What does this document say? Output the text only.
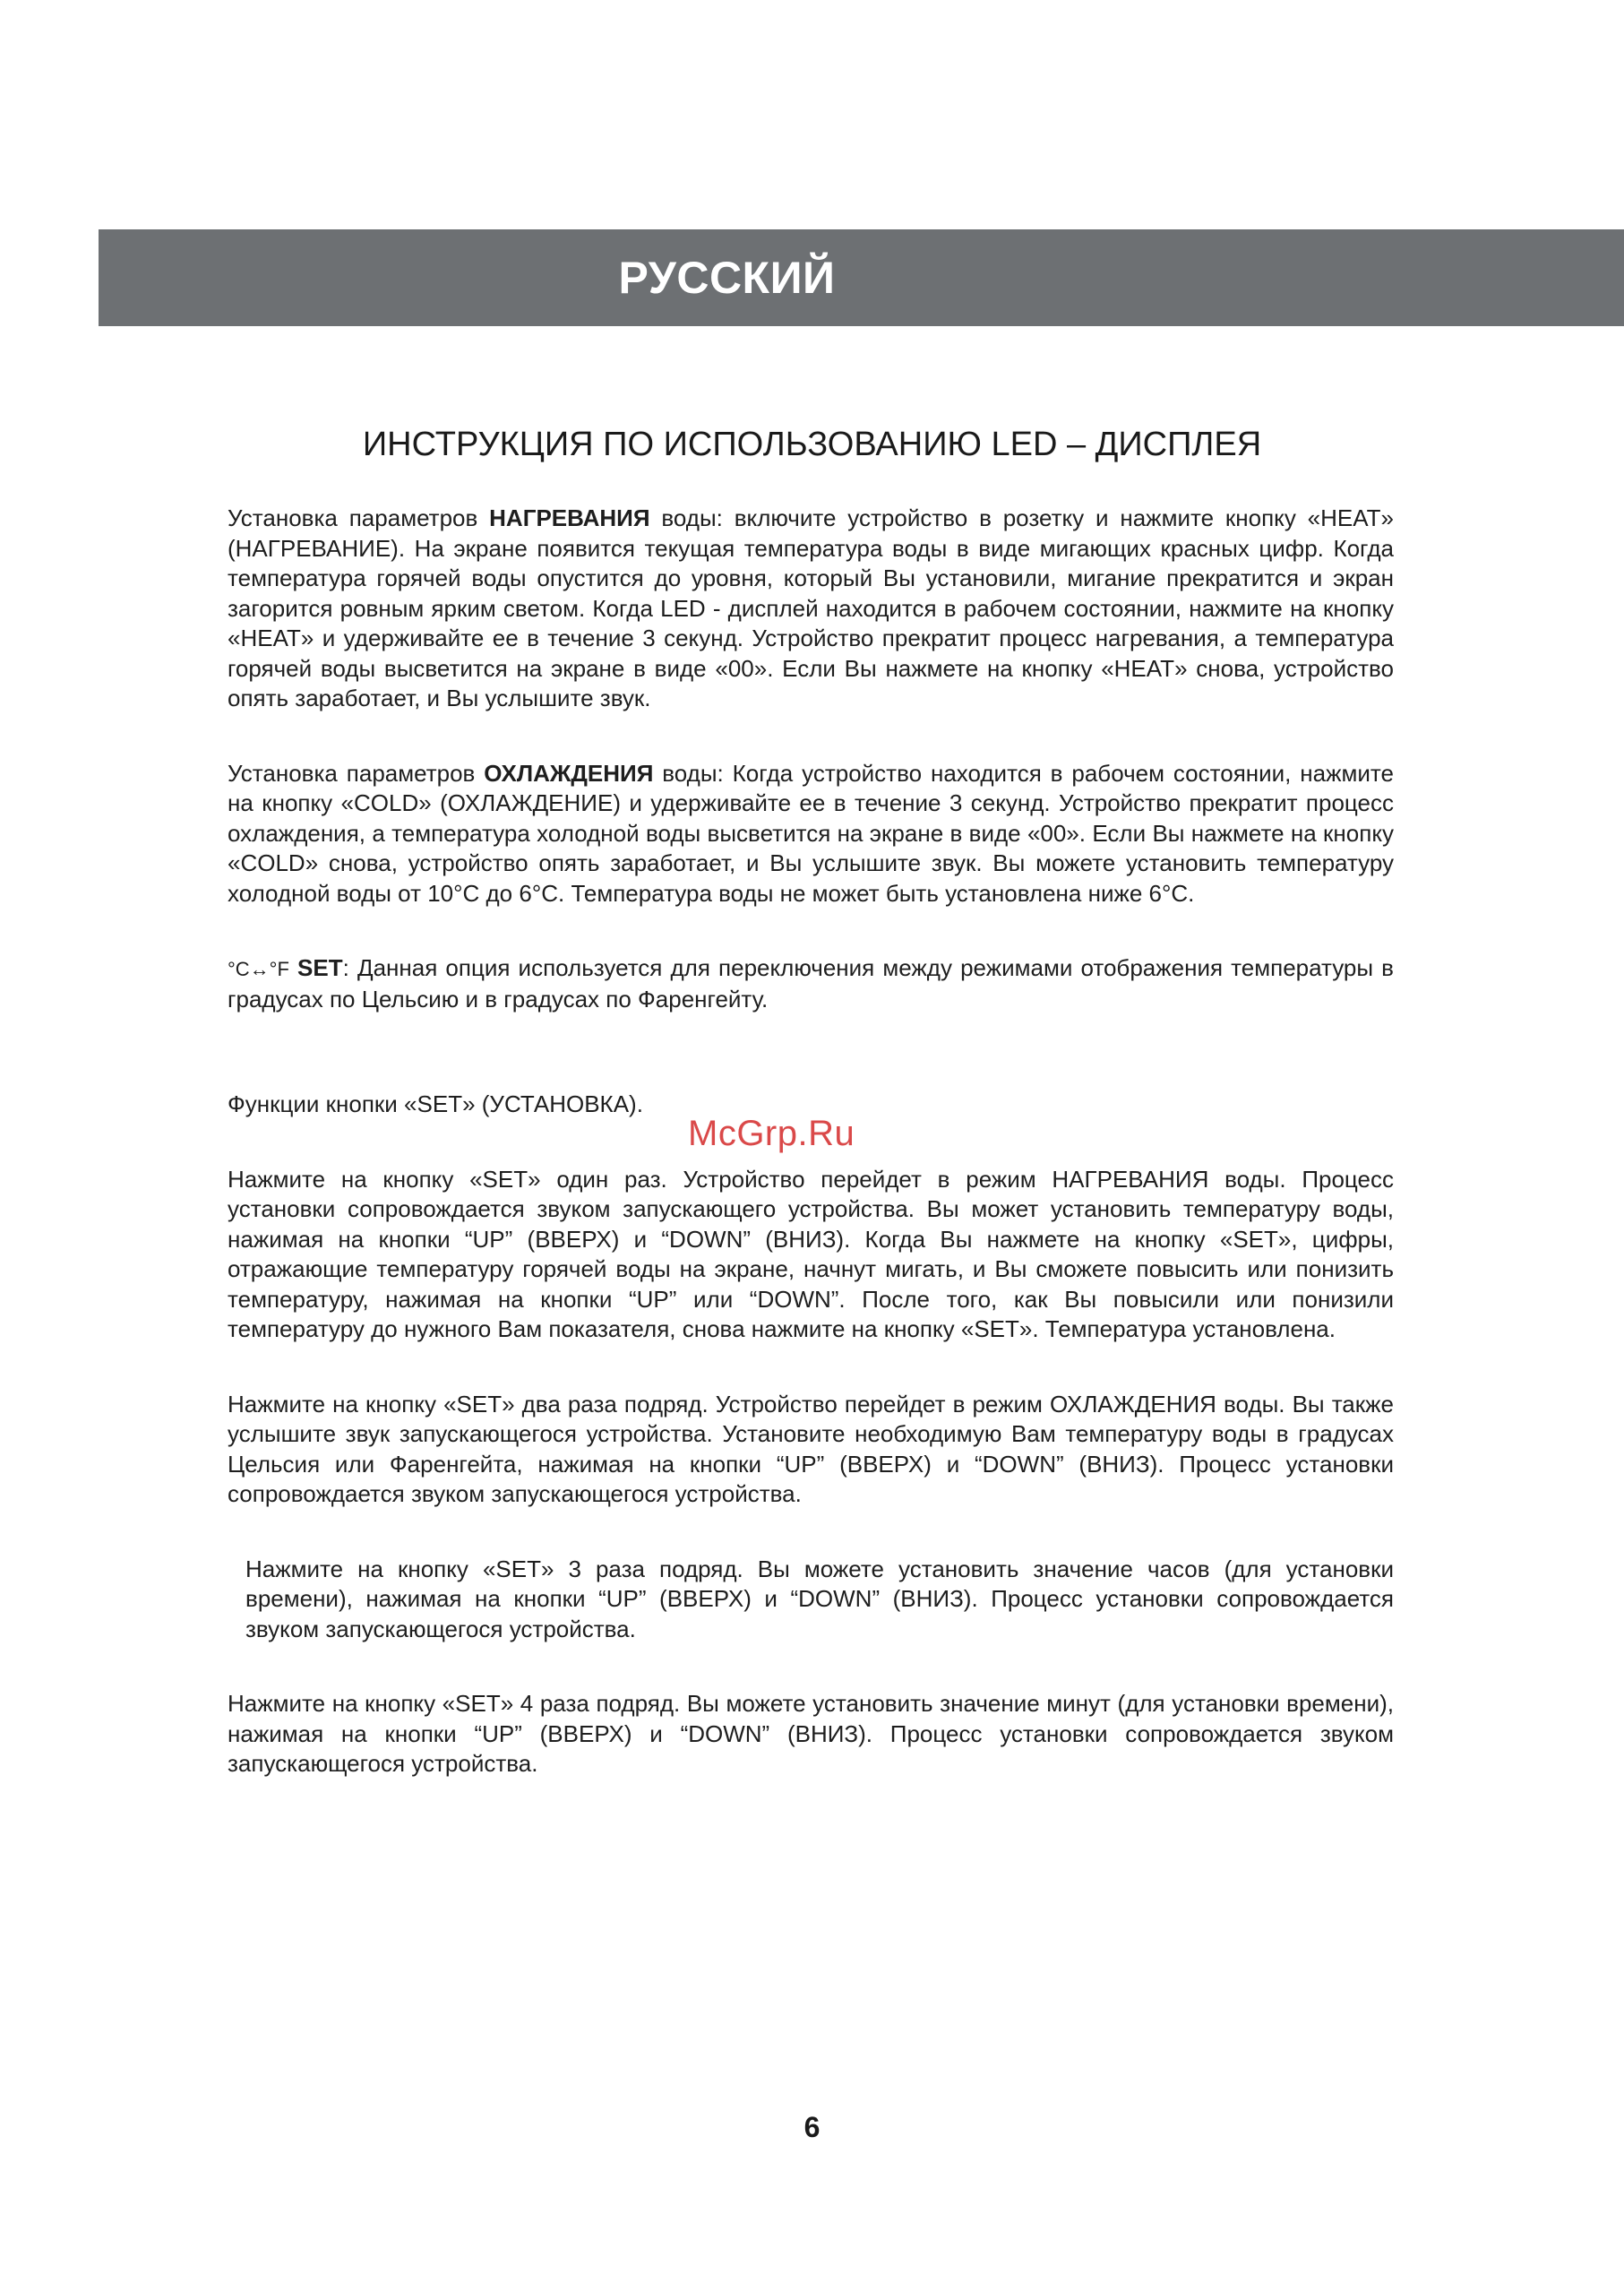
РУССКИЙ
ИНСТРУКЦИЯ ПО ИСПОЛЬЗОВАНИЮ LED – ДИСПЛЕЯ

Установка параметров НАГРЕВАНИЯ воды: включите устройство в розетку и нажмите кнопку «HEAT» (НАГРЕВАНИЕ). На экране появится текущая температура воды в виде мигающих красных цифр. Когда температура горячей воды опустится до уровня, который Вы установили, мигание прекратится и экран загорится ровным ярким светом. Когда LED - дисплей находится в рабочем состоянии, нажмите на кнопку «HEAT» и удерживайте ее в течение 3 секунд. Устройство прекратит процесс нагревания, а температура горячей воды высветится на экране в виде «00». Если Вы нажмете на кнопку «HEAT» снова, устройство опять заработает, и Вы услышите звук.

Установка параметров ОХЛАЖДЕНИЯ воды: Когда устройство находится в рабочем состоянии, нажмите на кнопку «COLD» (ОХЛАЖДЕНИЕ) и удерживайте ее в течение 3 секунд. Устройство прекратит процесс охлаждения, а температура холодной воды высветится на экране в виде «00». Если Вы нажмете на кнопку «COLD» снова, устройство опять заработает, и Вы услышите звук. Вы можете установить температуру холодной воды от 10°C до 6°C. Температура воды не может быть установлена ниже 6°C.

°C↔°F SET: Данная опция используется для переключения между режимами отображения температуры в градусах по Цельсию и в градусах по Фаренгейту.

Функции кнопки «SET» (УСТАНОВКА).

Нажмите на кнопку «SET» один раз. Устройство перейдет в режим НАГРЕВАНИЯ воды. Процесс установки сопровождается звуком запускающего устройства. Вы может установить температуру воды, нажимая на кнопки “UP” (ВВЕРХ) и “DOWN” (ВНИЗ). Когда Вы нажмете на кнопку «SET», цифры, отражающие температуру горячей воды на экране, начнут мигать, и Вы сможете повысить или понизить температуру, нажимая на кнопки “UP” или “DOWN”. После того, как Вы повысили или понизили температуру до нужного Вам показателя, снова нажмите на кнопку «SET». Температура установлена.

Нажмите на кнопку «SET» два раза подряд. Устройство перейдет в режим ОХЛАЖДЕНИЯ воды. Вы также услышите звук запускающегося устройства. Установите необходимую Вам температуру воды в градусах Цельсия или Фаренгейта, нажимая на кнопки “UP” (ВВЕРХ) и “DOWN” (ВНИЗ). Процесс установки сопровождается звуком запускающегося устройства.

Нажмите на кнопку «SET» 3 раза подряд. Вы можете установить значение часов (для установки времени), нажимая на кнопки “UP” (ВВЕРХ) и “DOWN” (ВНИЗ). Процесс установки сопровождается звуком запускающегося устройства.

Нажмите на кнопку «SET» 4 раза подряд. Вы можете установить значение минут (для установки времени), нажимая на кнопки “UP” (ВВЕРХ) и “DOWN” (ВНИЗ). Процесс установки сопровождается звуком запускающегося устройства.

McGrp.Ru
6
